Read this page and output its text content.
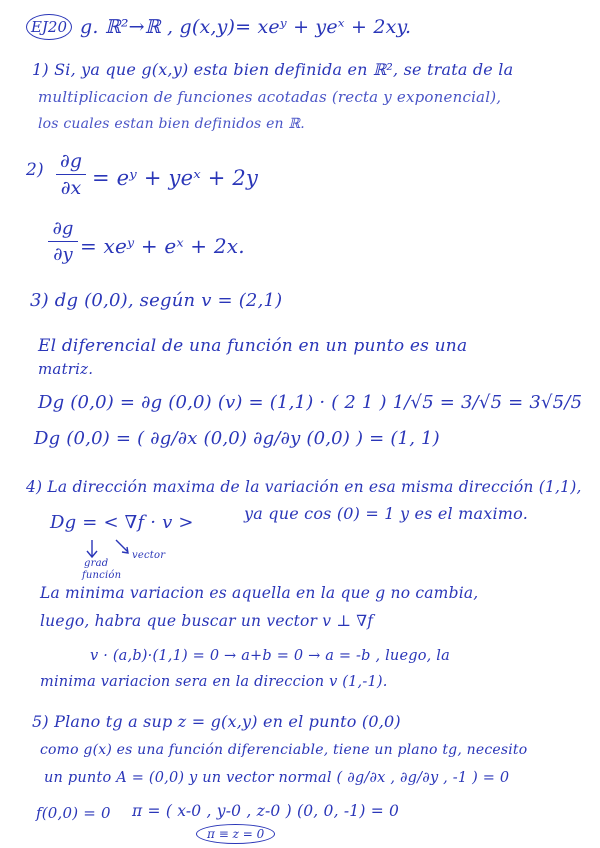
EJ20 g. ℝ²→ℝ , g(x,y)= xeʸ + yeˣ + 2xy.
1) Si, ya que g(x,y) esta bien definida en ℝ², se trata de la
multiplicacion de funciones acotadas (recta y exponencial),
los cuales estan bien definidos en ℝ.
2) ∂g
∂x = eʸ + yeˣ + 2y
∂g
∂y = xeʸ + eˣ + 2x.
3) dg (0,0), según v = (2,1)
El diferencial de una función en un punto es una
matriz.
Dg (0,0) = ∂g (0,0) (v) = (1,1) · ( 2 1 ) 1/√5 = 3/√5 = 3√5/5
Dg (0,0) = ( ∂g/∂x (0,0) ∂g/∂y (0,0) ) = (1, 1)
4) La dirección maxima de la variación en esa misma dirección (1,1),
Dg = < ∇f · v >	ya que cos (0) = 1 y es el maximo.
grad
función
vector
La minima variacion es aquella en la que g no cambia,
luego, habra que buscar un vector v ⊥ ∇f
v · (a,b)·(1,1) = 0 → a+b = 0 → a = -b , luego, la
minima variacion sera en la direccion v (1,-1).
5) Plano tg a sup z = g(x,y) en el punto (0,0)
como g(x) es una función diferenciable, tiene un plano tg, necesito
un punto A = (0,0) y un vector normal ( ∂g/∂x , ∂g/∂y , -1 ) = 0
f(0,0) = 0 π = ( x-0 , y-0 , z-0 ) (0, 0, -1) = 0
π ≡ z = 0
